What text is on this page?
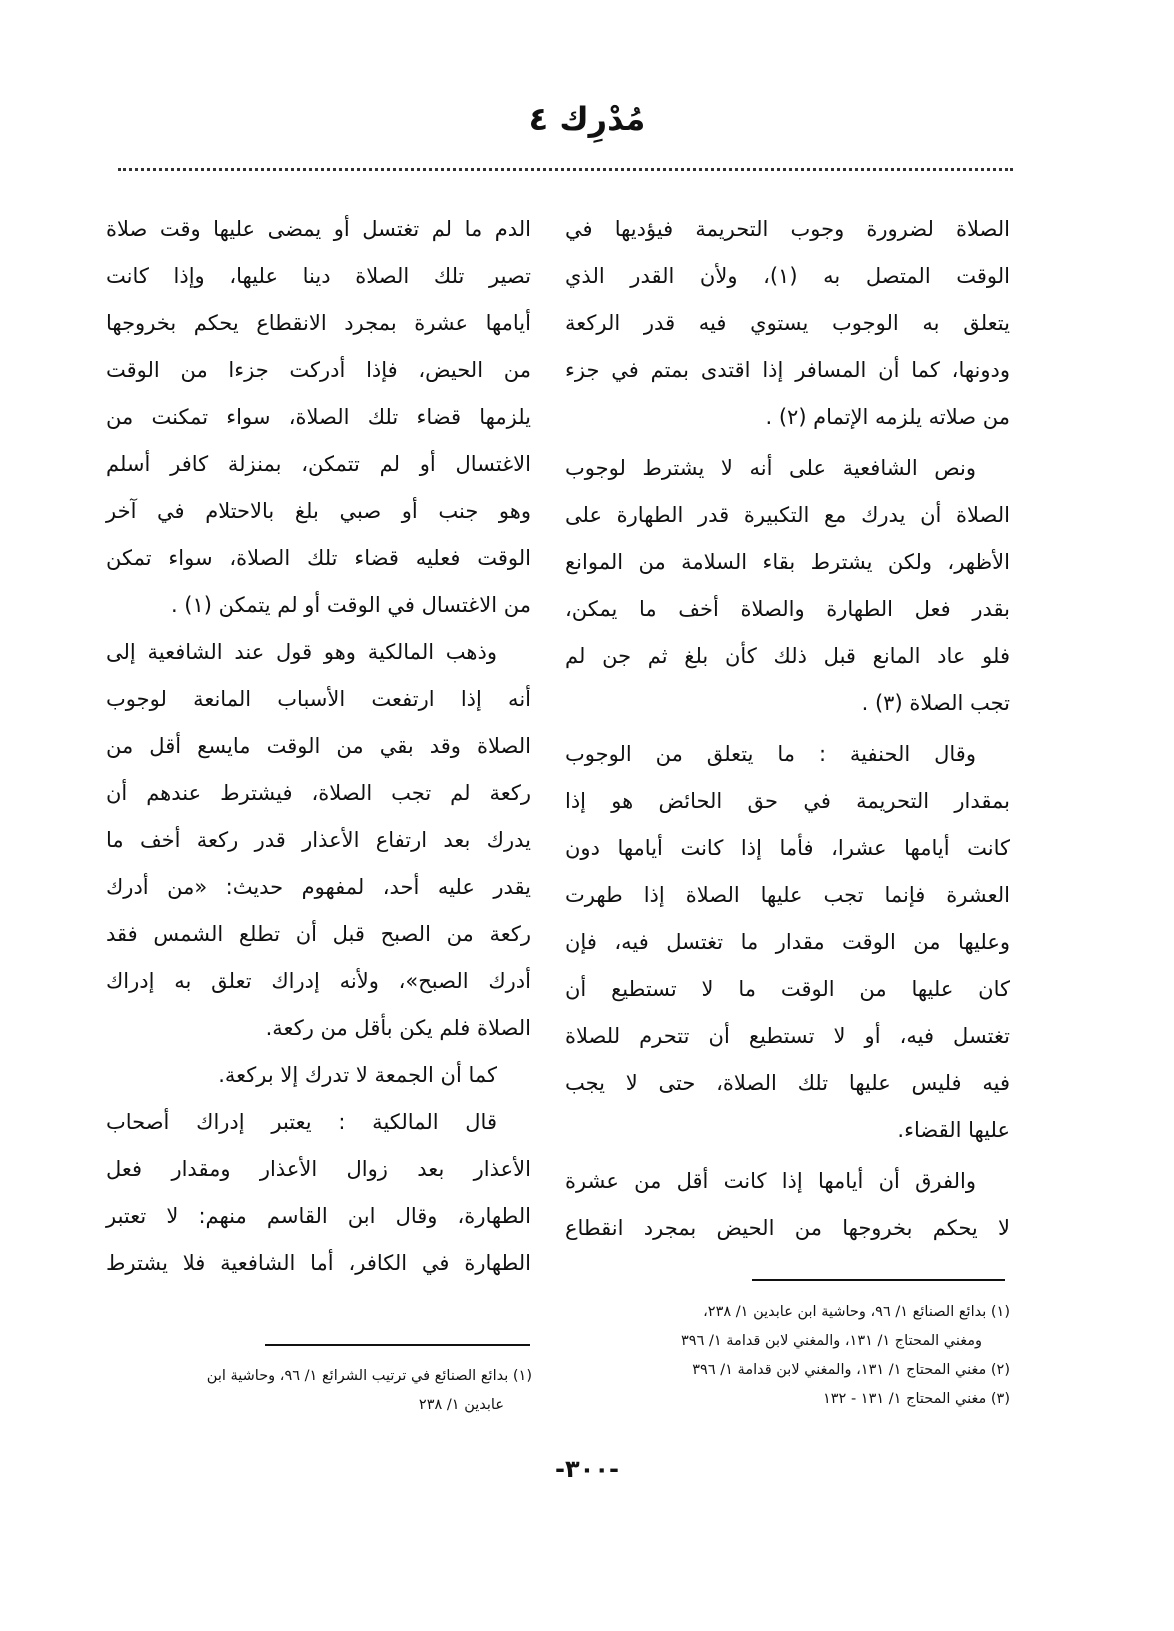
مُدْرِك ٤
الصلاة لضرورة وجوب التحريمة فيؤديها في
الوقت المتصل به (١)، ولأن القدر الذي
يتعلق به الوجوب يستوي فيه قدر الركعة
ودونها، كما أن المسافر إذا اقتدى بمتم في جزء
من صلاته يلزمه الإتمام (٢) .
ونص الشافعية على أنه لا يشترط لوجوب
الصلاة أن يدرك مع التكبيرة قدر الطهارة على
الأظهر، ولكن يشترط بقاء السلامة من الموانع
بقدر فعل الطهارة والصلاة أخف ما يمكن،
فلو عاد المانع قبل ذلك كأن بلغ ثم جن لم
تجب الصلاة (٣) .
وقال الحنفية : ما يتعلق من الوجوب
بمقدار التحريمة في حق الحائض هو إذا
كانت أيامها عشرا، فأما إذا كانت أيامها دون
العشرة فإنما تجب عليها الصلاة إذا طهرت
وعليها من الوقت مقدار ما تغتسل فيه، فإن
كان عليها من الوقت ما لا تستطيع أن
تغتسل فيه، أو لا تستطيع أن تتحرم للصلاة
فيه فليس عليها تلك الصلاة، حتى لا يجب
عليها القضاء.
والفرق أن أيامها إذا كانت أقل من عشرة
لا يحكم بخروجها من الحيض بمجرد انقطاع
الدم ما لم تغتسل أو يمضى عليها وقت صلاة
تصير تلك الصلاة دينا عليها، وإذا كانت
أيامها عشرة بمجرد الانقطاع يحكم بخروجها
من الحيض، فإذا أدركت جزءا من الوقت
يلزمها قضاء تلك الصلاة، سواء تمكنت من
الاغتسال أو لم تتمكن، بمنزلة كافر أسلم
وهو جنب أو صبي بلغ بالاحتلام في آخر
الوقت فعليه قضاء تلك الصلاة، سواء تمكن
من الاغتسال في الوقت أو لم يتمكن (١) .
وذهب المالكية وهو قول عند الشافعية إلى
أنه إذا ارتفعت الأسباب المانعة لوجوب
الصلاة وقد بقي من الوقت مايسع أقل من
ركعة لم تجب الصلاة، فيشترط عندهم أن
يدرك بعد ارتفاع الأعذار قدر ركعة أخف ما
يقدر عليه أحد، لمفهوم حديث: «من أدرك
ركعة من الصبح قبل أن تطلع الشمس فقد
أدرك الصبح»، ولأنه إدراك تعلق به إدراك
الصلاة فلم يكن بأقل من ركعة.
كما أن الجمعة لا تدرك إلا بركعة.
قال المالكية : يعتبر إدراك أصحاب
الأعذار بعد زوال الأعذار ومقدار فعل
الطهارة، وقال ابن القاسم منهم: لا تعتبر
الطهارة في الكافر، أما الشافعية فلا يشترط
(١) بدائع الصنائع ١/ ٩٦، وحاشية ابن عابدين ١/ ٢٣٨،
ومغني المحتاج ١/ ١٣١، والمغني لابن قدامة ١/ ٣٩٦
(٢) مغني المحتاج ١/ ١٣١، والمغني لابن قدامة ١/ ٣٩٦
(٣) مغني المحتاج ١/ ١٣١ - ١٣٢
(١) بدائع الصنائع في ترتيب الشرائع ١/ ٩٦، وحاشية ابن
عابدين ١/ ٢٣٨
-٣٠٠-
